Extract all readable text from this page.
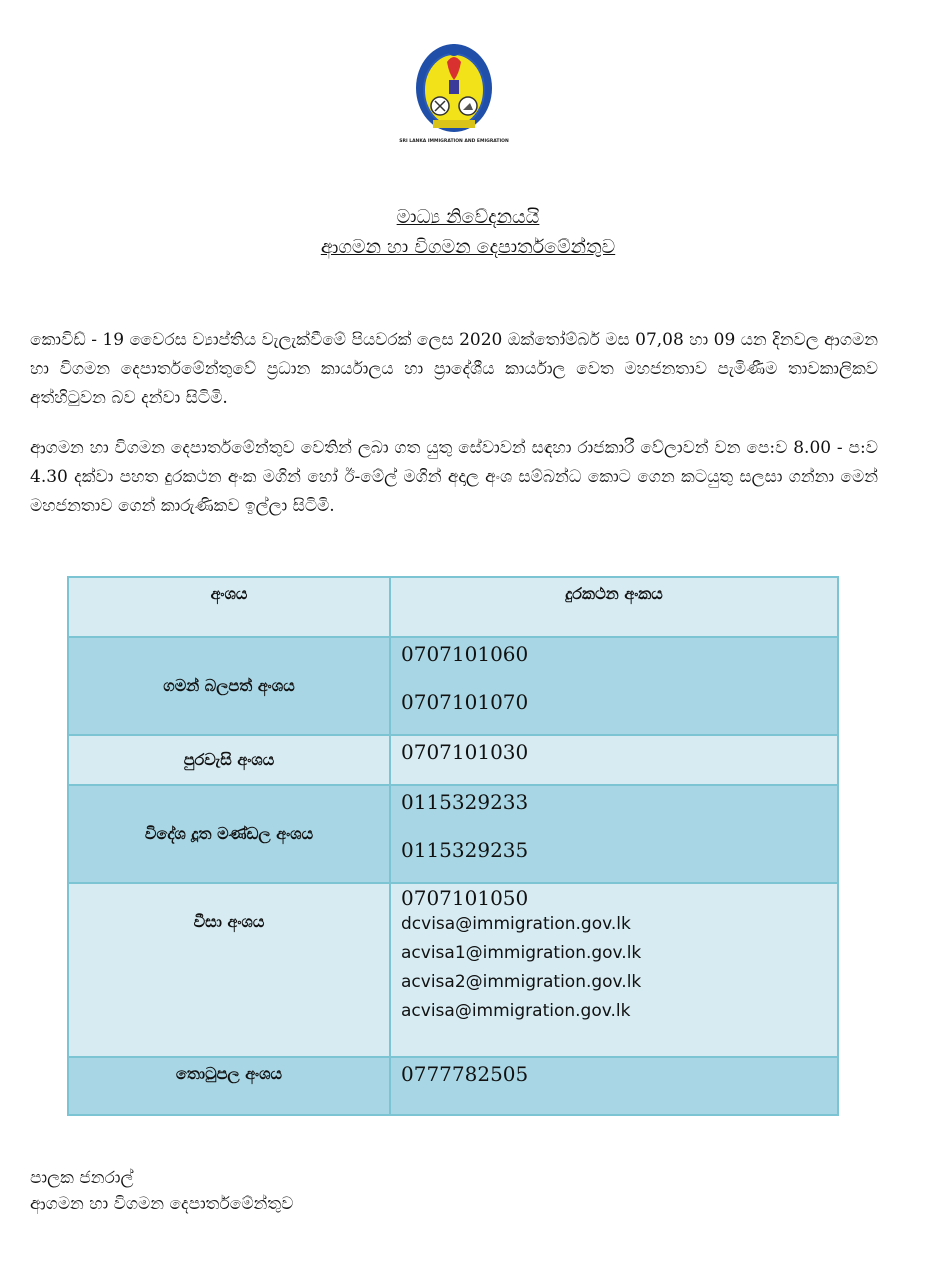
SRI LANKA IMMIGRATION AND EMIGRATION
මාධ්‍ය නිවේදනයයි
ආගමන හා විගමන දෙපාර්තමේන්තුව

කොවිඩ් - 19 වෛරස ව්‍යාප්තිය වැලැක්වීමේ පියවරක් ලෙස 2020 ඔක්තෝම්බර් මස 07,08 හා 09 යන දිනවල ආගමන හා විගමන දෙපාර්තමේන්තුවේ ප්‍රධාන කාර්යාලය හා ප්‍රාදේශීය කාර්යාල වෙත මහජනතාව පැමිණීම තාවකාලිකව අත්හිටුවන බව දන්වා සිටිමි.

ආගමන හා විගමන දෙපාර්තමේන්තුව වෙතින් ලබා ගත යුතු සේවාවන් සඳහා රාජකාරී වේලාවන් වන පෙ:ව 8.00 - ප:ව 4.30 දක්වා පහත දුරකථන අංක මගින් හෝ ඊ-මේල් මගින් අදාල අංශ සම්බන්ධ කොට ගෙන කටයුතු සලසා ගන්නා මෙන් මහජනතාව ගෙන් කාරුණිකව ඉල්ලා සිටිමි.

අංශය	දුරකථන අංකය
ගමන් බලපත් අංශය	0707101060
0707101070

පුරවැසි අංශය	0707101030

විදේශ දූත මණ්ඩල අංශය	0115329233
0115329235

වීසා අංශය	0707101050
dcvisa@immigration.gov.lk
acvisa1@immigration.gov.lk
acvisa2@immigration.gov.lk
acvisa@immigration.gov.lk

තොටුපල අංශය	0777782505
පාලක ජනරාල්
ආගමන හා විගමන දෙපාර්තමේන්තුව
